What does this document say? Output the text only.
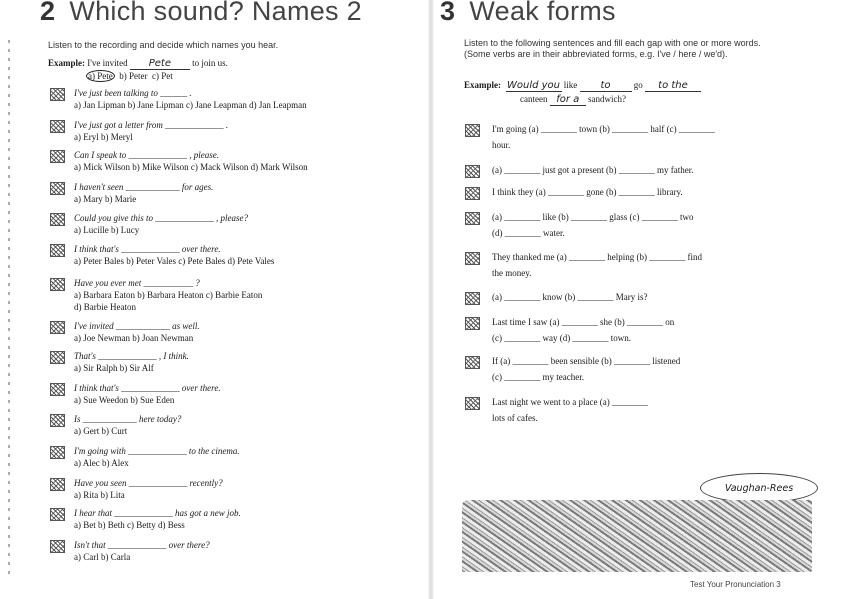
2 Which sound? Names 2
Listen to the recording and decide which names you hear.
Example: I've invited Pete to join us.
a) Pete b) Peter c) Pet
I've just been talking to ______ .
a) Jan Lipman b) Jane Lipman c) Jane Leapman d) Jan Leapman
I've just got a letter from _____________ .
a) Eryl b) Meryl
Can I speak to _____________ , please.
a) Mick Wilson b) Mike Wilson c) Mack Wilson d) Mark Wilson
I haven't seen ____________ for ages.
a) Mary b) Marie
Could you give this to _____________ , please?
a) Lucille b) Lucy
I think that's _____________ over there.
a) Peter Bales b) Peter Vales c) Pete Bales d) Pete Vales
Have you ever met ___________ ?
a) Barbara Eaton b) Barbara Heaton c) Barbie Eaton
d) Barbie Heaton
I've invited ____________ as well.
a) Joe Newman b) Joan Newman
That's _____________ , I think.
a) Sir Ralph b) Sir Alf
I think that's _____________ over there.
a) Sue Weedon b) Sue Eden
Is ____________ here today?
a) Gert b) Curt
I'm going with _____________ to the cinema.
a) Alec b) Alex
Have you seen _____________ recently?
a) Rita b) Lita
I hear that _____________ has got a new job.
a) Bet b) Beth c) Betty d) Bess
Isn't that _____________ over there?
a) Carl b) Carla
3 Weak forms
Listen to the following sentences and fill each gap with one or more words.
(Some verbs are in their abbreviated forms, e.g. I've / here / we'd).
Example: Would you like to	go to the
canteen for a sandwich?
I'm going (a) ________ town (b) ________ half (c) ________
hour.
(a) ________ just got a present (b) ________ my father.
I think they (a) ________ gone (b) ________ library.
(a) ________ like (b) ________ glass (c) ________ two
(d) ________ water.
They thanked me (a) ________ helping (b) ________ find
the money.
(a) ________ know (b) ________ Mary is?
Last time I saw (a) ________ she (b) ________ on
(c) ________ way (d) ________ town.
If (a) ________ been sensible (b) ________ listened
(c) ________ my teacher.
Last night we went to a place (a) ________
lots of cafes.
Vaughan-Rees
Test Your Pronunciation 3
